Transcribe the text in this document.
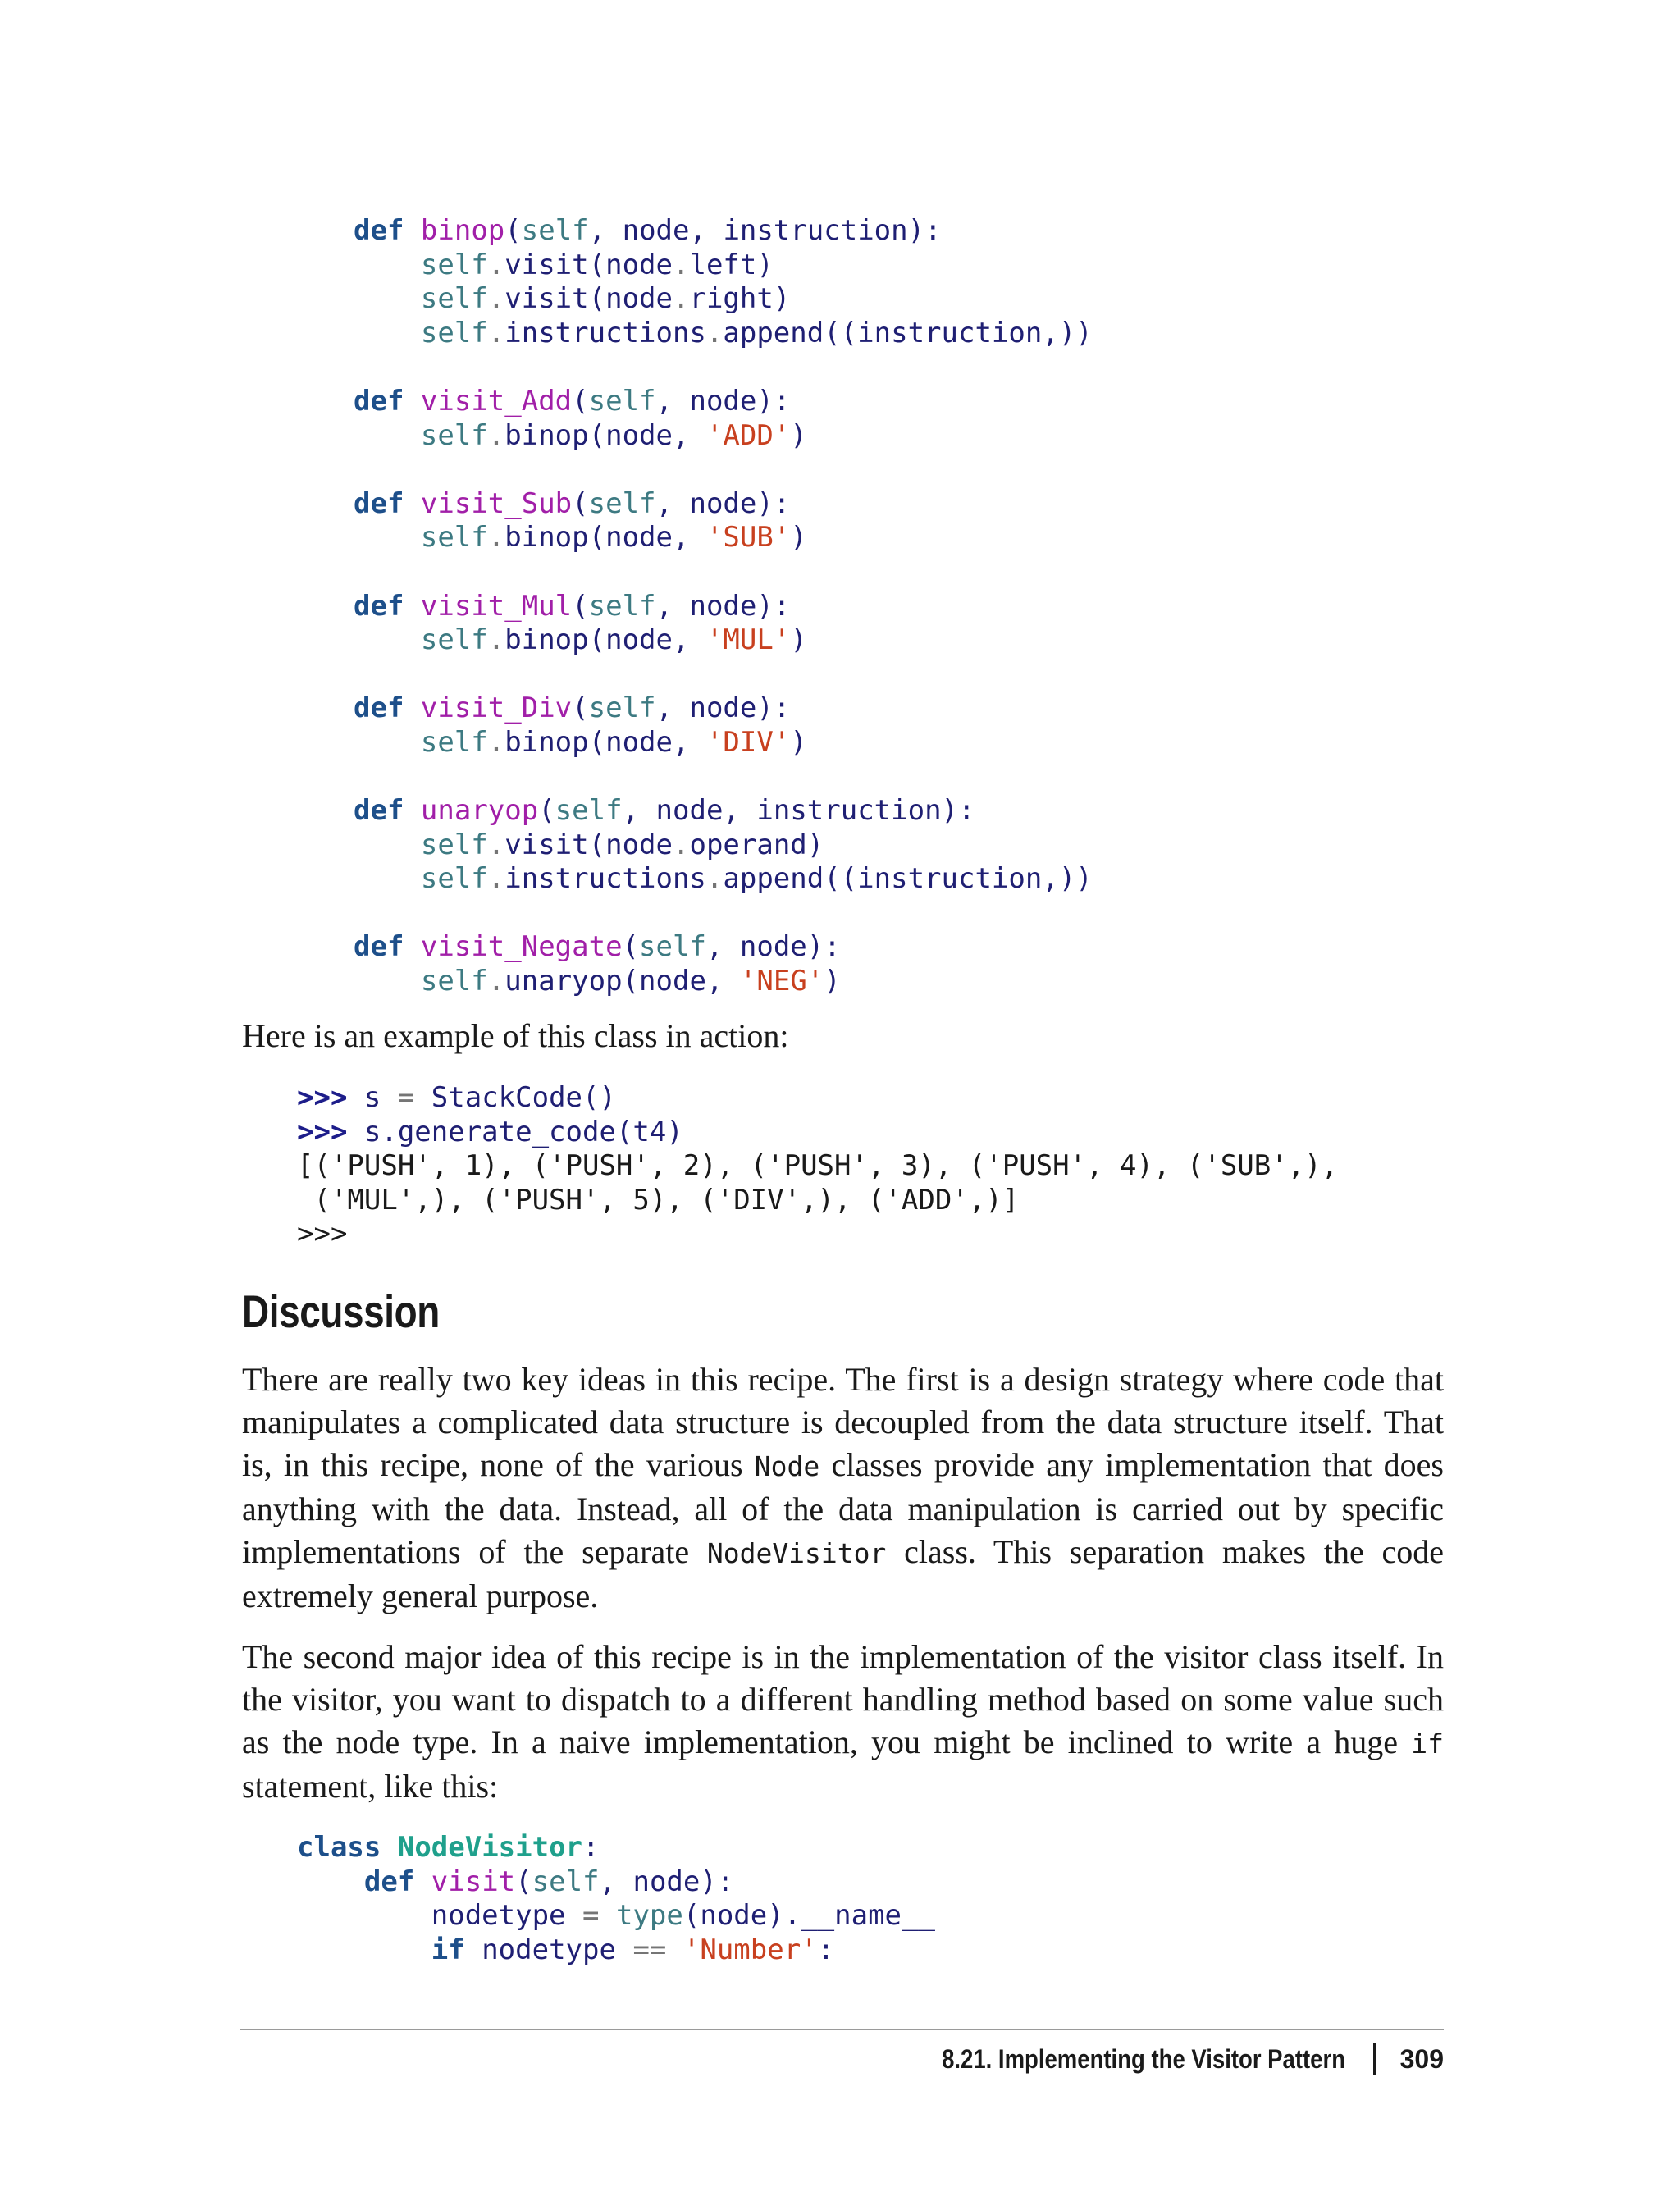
def binop(self, node, instruction):
self.visit(node.left)
self.visit(node.right)
self.instructions.append((instruction,))
def visit_Add(self, node):
self.binop(node, 'ADD')
def visit_Sub(self, node):
self.binop(node, 'SUB')
def visit_Mul(self, node):
self.binop(node, 'MUL')
def visit_Div(self, node):
self.binop(node, 'DIV')
def unaryop(self, node, instruction):
self.visit(node.operand)
self.instructions.append((instruction,))
def visit_Negate(self, node):
self.unaryop(node, 'NEG')

Here is an example of this class in action:

>>> s = StackCode()
>>> s.generate_code(t4)
[('PUSH', 1), ('PUSH', 2), ('PUSH', 3), ('PUSH', 4), ('SUB',),
('MUL',), ('PUSH', 5), ('DIV',), ('ADD',)]
>>>
Discussion

There are really two key ideas in this recipe. The first is a design strategy where code that manipulates a complicated data structure is decoupled from the data structure itself. That is, in this recipe, none of the various Node classes provide any implementation that does anything with the data. Instead, all of the data manipulation is carried out by specific implementations of the separate NodeVisitor class. This separation makes the code extremely general purpose.

The second major idea of this recipe is in the implementation of the visitor class itself. In the visitor, you want to dispatch to a different handling method based on some value such as the node type. In a naive implementation, you might be inclined to write a huge if statement, like this:

class NodeVisitor:
def visit(self, node):
nodetype = type(node).__name__
if nodetype == 'Number':
8.21. Implementing the Visitor Pattern 309
